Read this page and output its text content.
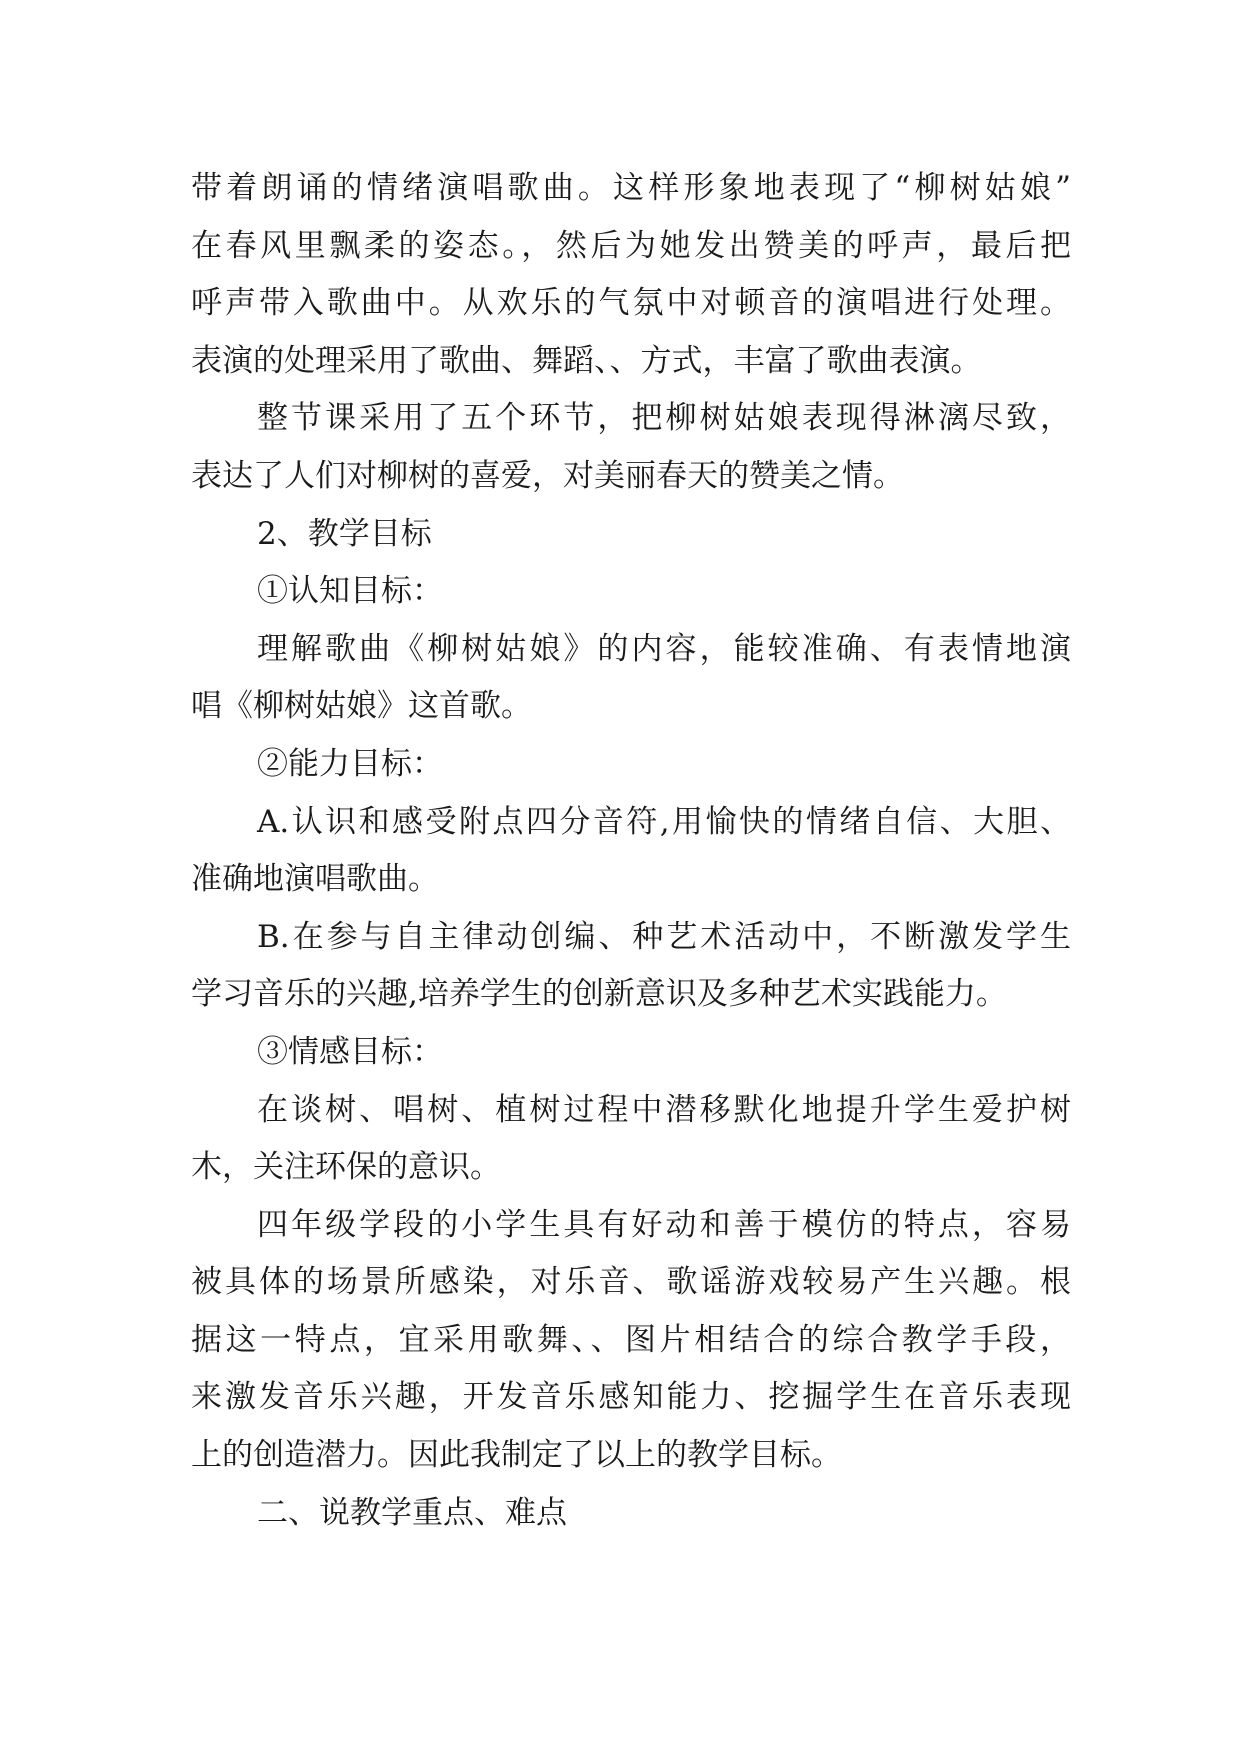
带着朗诵的情绪演唱歌曲。这样形象地表现了“柳树姑娘”
在春风里飘柔的姿态。，然后为她发出赞美的呼声，最后把
呼声带入歌曲中。从欢乐的气氛中对顿音的演唱进行处理。
表演的处理采用了歌曲、舞蹈、、方式，丰富了歌曲表演。
整节课采用了五个环节，把柳树姑娘表现得淋漓尽致，
表达了人们对柳树的喜爱，对美丽春天的赞美之情。
2、教学目标
①认知目标：
理解歌曲《柳树姑娘》的内容，能较准确、有表情地演
唱《柳树姑娘》这首歌。
②能力目标：
A.认识和感受附点四分音符,用愉快的情绪自信、大胆、
准确地演唱歌曲。
B.在参与自主律动创编、种艺术活动中，不断激发学生
学习音乐的兴趣,培养学生的创新意识及多种艺术实践能力。
③情感目标：
在谈树、唱树、植树过程中潜移默化地提升学生爱护树
木，关注环保的意识。
四年级学段的小学生具有好动和善于模仿的特点，容易
被具体的场景所感染，对乐音、歌谣游戏较易产生兴趣。根
据这一特点，宜采用歌舞、、图片相结合的综合教学手段，
来激发音乐兴趣，开发音乐感知能力、挖掘学生在音乐表现
上的创造潜力。因此我制定了以上的教学目标。
二、说教学重点、难点
